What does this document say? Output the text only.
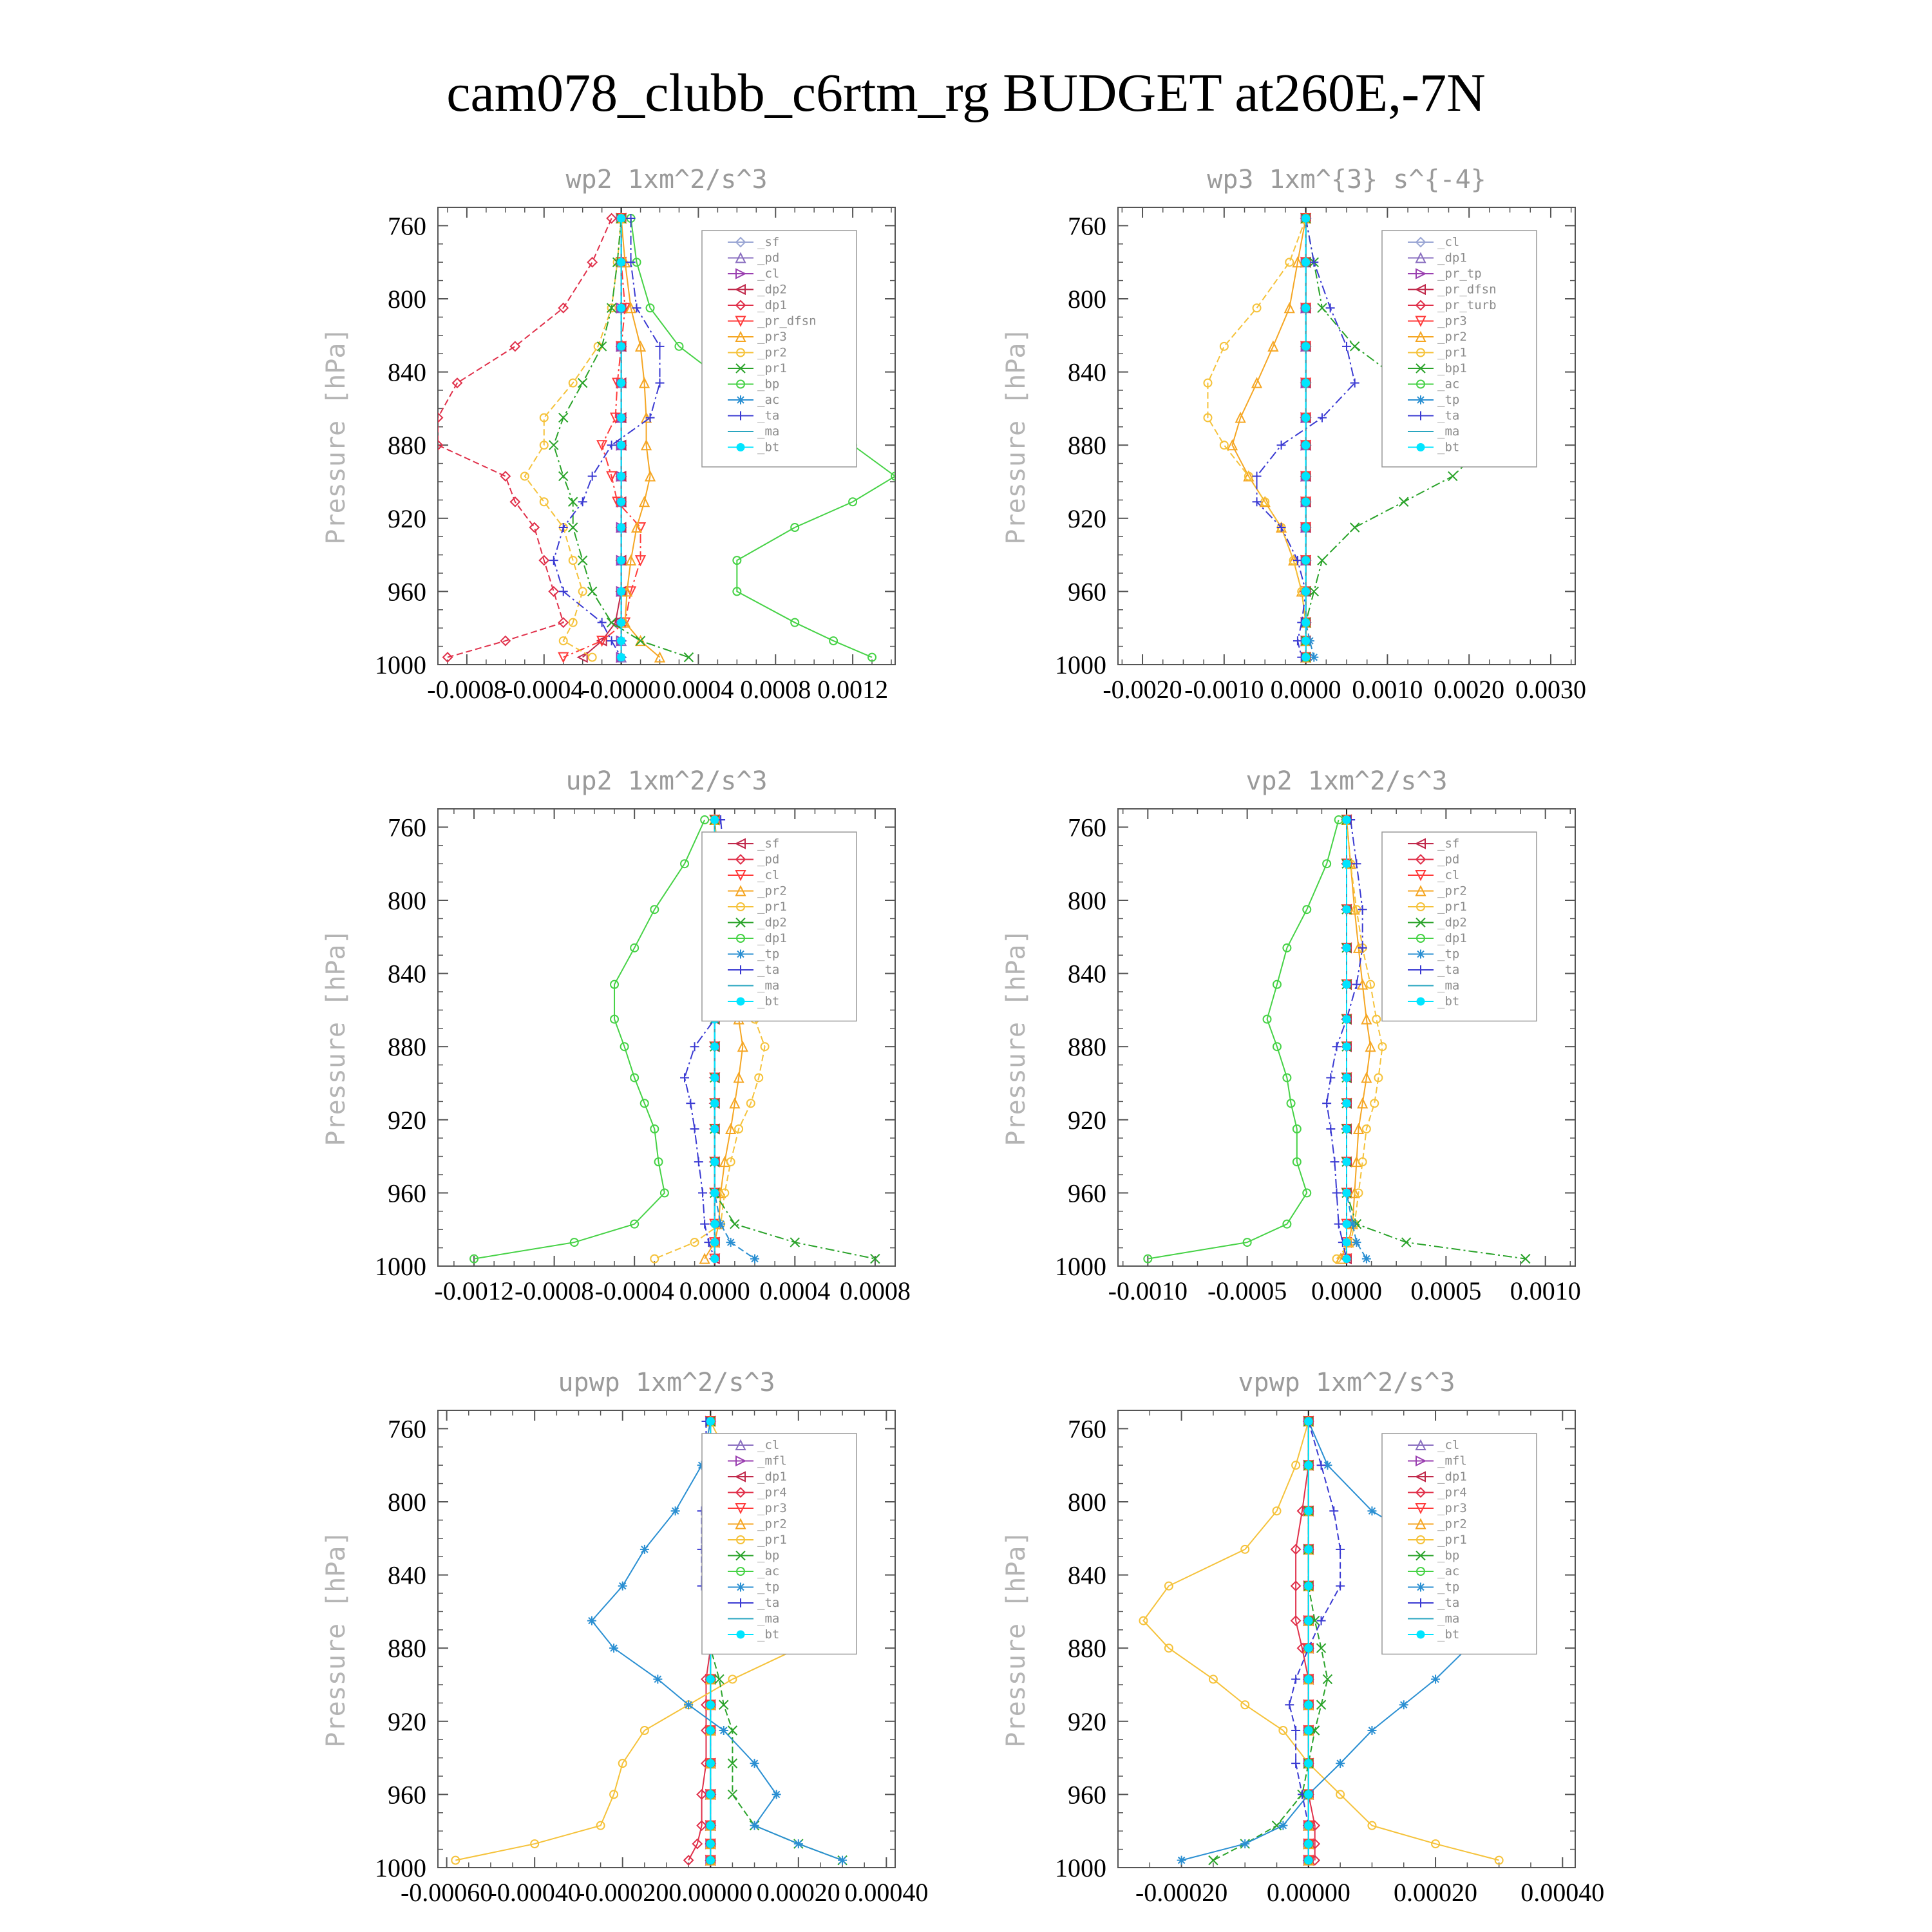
cam078_clubb_c6rtm_rg BUDGET at260E,-7N
wp2 1xm^2/s^3
Pressure [hPa]
-0.0008
-0.0004
-0.0000 0.0004 0.0008 0.0012
760
800
840
880
920
960
1000
_sf
_pd
_cl
_dp2
_dp1
_pr_dfsn
_pr3
_pr2
_pr1
_bp
_ac
_ta
_ma
_bt
wp3 1xm^{3} s^{-4}
Pressure [hPa]
-0.0020 -0.0010 0.0000 0.0010 0.0020 0.0030
760
800
840
880
920
960
1000
_cl
_dp1
_pr_tp
_pr_dfsn
_pr_turb
_pr3
_pr2
_pr1
_bp1
_ac
_tp
_ta
_ma
_bt
up2 1xm^2/s^3
Pressure [hPa]
-0.0012 -0.0008 -0.0004 0.0000 0.0004 0.0008
760
800
840
880
920
960
1000
_sf
_pd
_cl
_pr2
_pr1
_dp2
_dp1
_tp
_ta
_ma
_bt
vp2 1xm^2/s^3
Pressure [hPa]
-0.0010 -0.0005 0.0000 0.0005 0.0010
760
800
840
880
920
960
1000
_sf
_pd
_cl
_pr2
_pr1
_dp2
_dp1
_tp
_ta
_ma
_bt
upwp 1xm^2/s^3
Pressure [hPa]
-0.00060
-0.00040
-0.00020 0.00000 0.00020 0.00040
760
800
840
880
920
960
1000
_cl
_mfl
_dp1
_pr4
_pr3
_pr2
_pr1
_bp
_ac
_tp
_ta
_ma
_bt
vpwp 1xm^2/s^3
Pressure [hPa]
-0.00020 0.00000 0.00020 0.00040
760
800
840
880
920
960
1000
_cl
_mfl
_dp1
_pr4
_pr3
_pr2
_pr1
_bp
_ac
_tp
_ta
_ma
_bt
